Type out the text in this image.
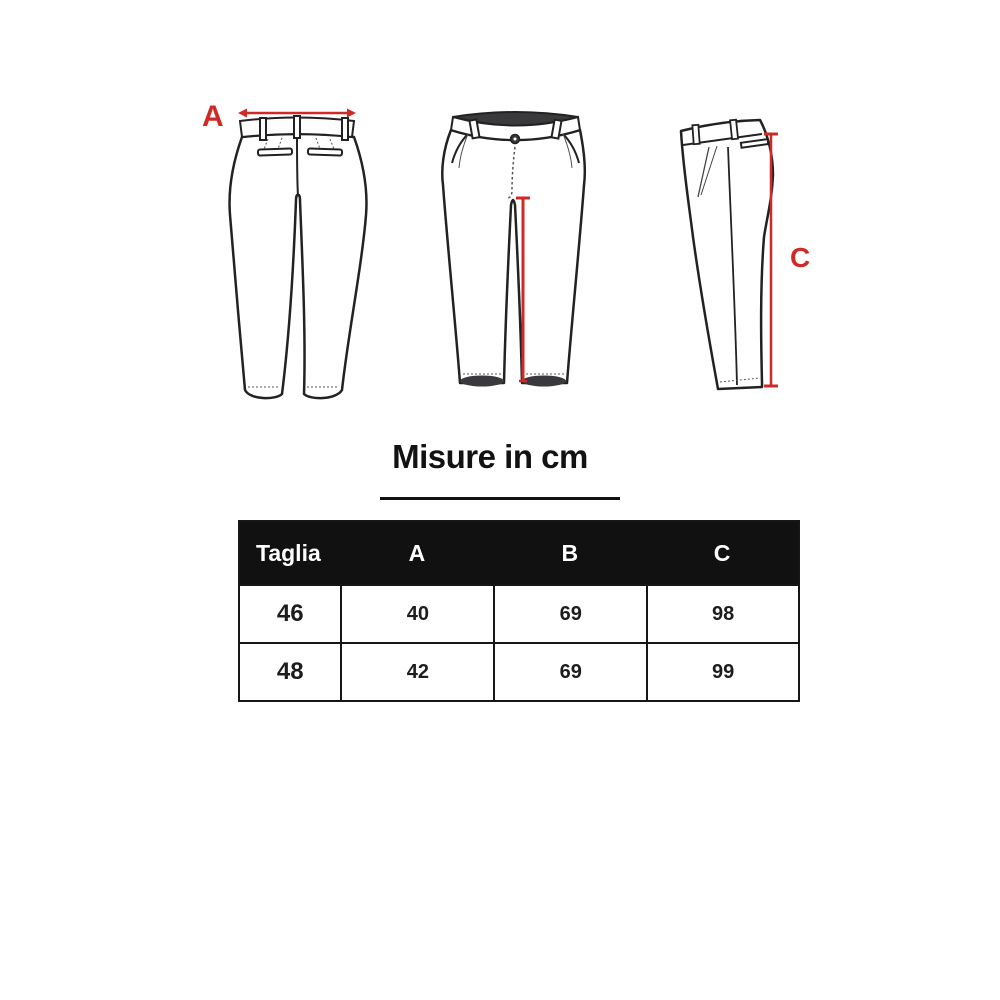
A
C
Misure in cm
Taglia	A	B	C
46	40	69	98
48	42	69	99
